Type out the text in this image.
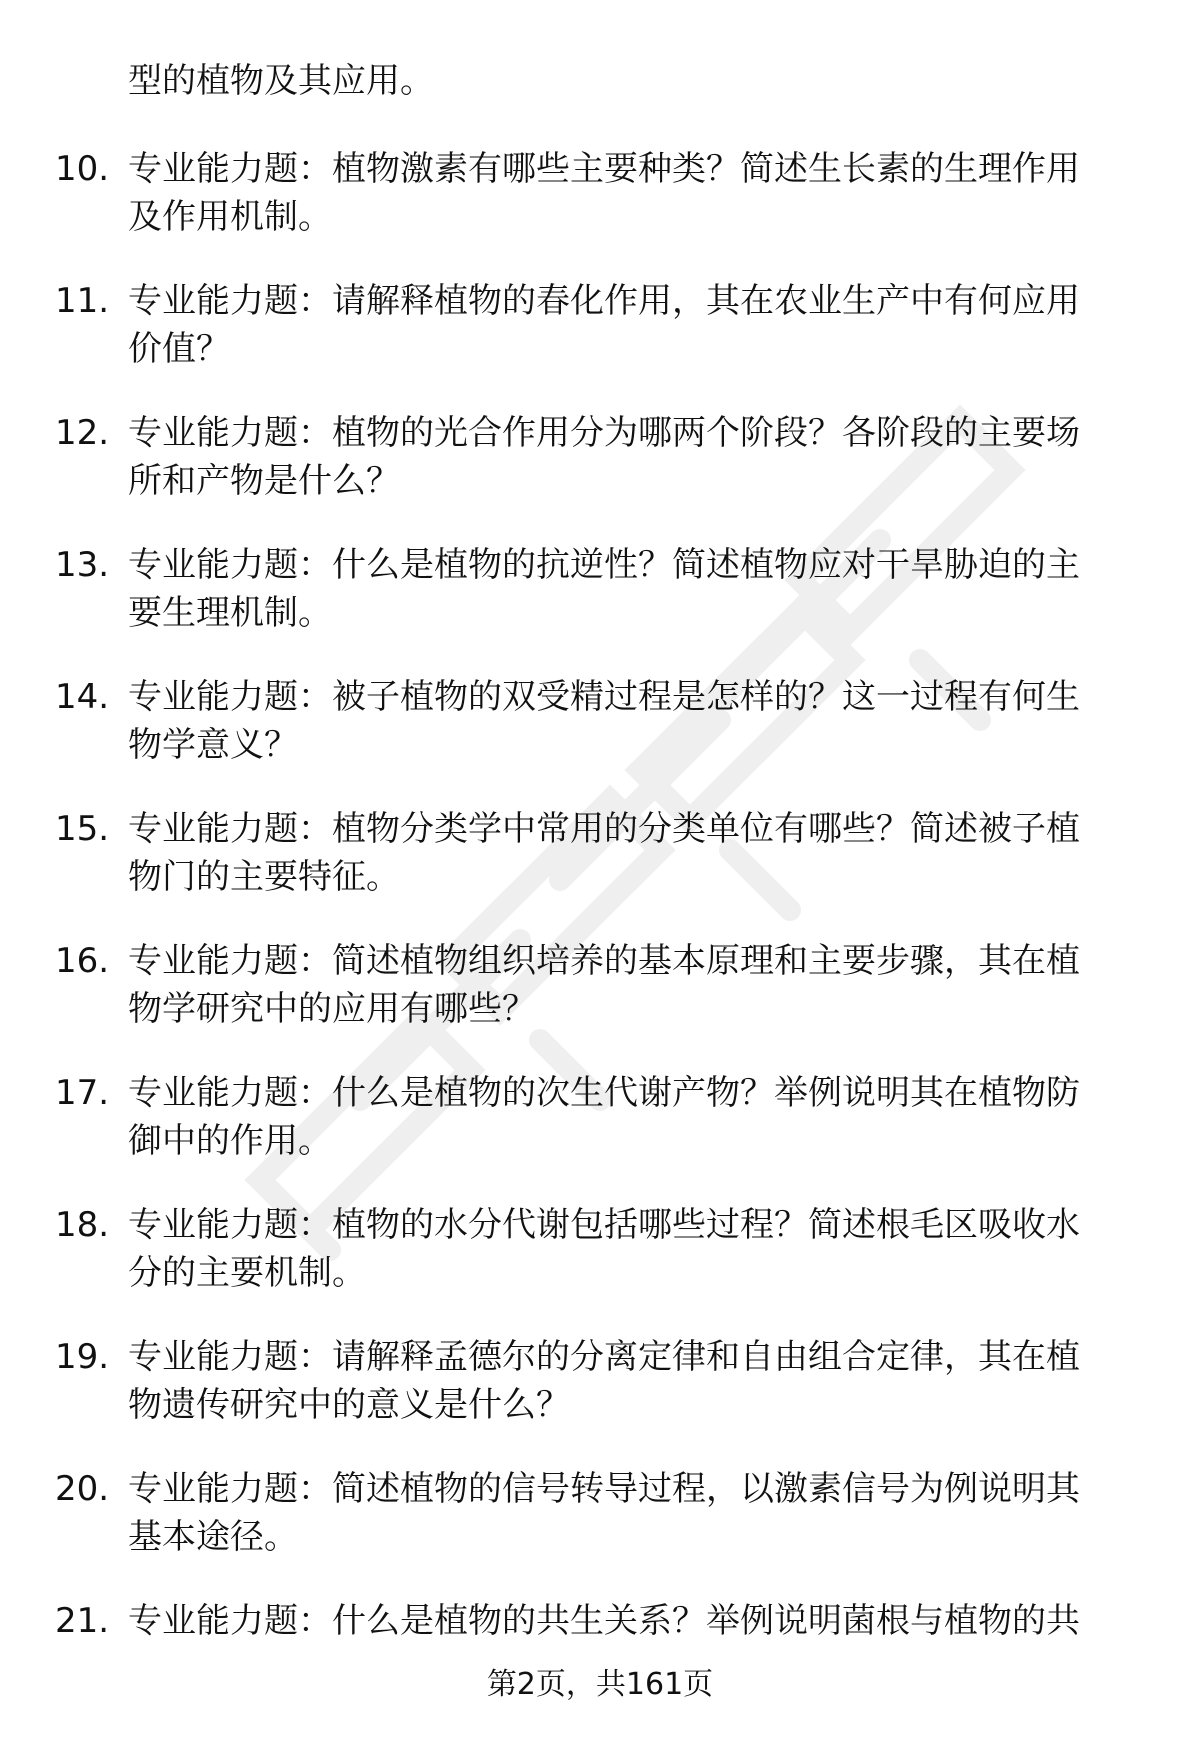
型的植物及其应用。
10. 专业能力题：植物激素有哪些主要种类？简述生长素的生理作用
及作用机制。
11. 专业能力题：请解释植物的春化作用，其在农业生产中有何应用
价值？
12. 专业能力题：植物的光合作用分为哪两个阶段？各阶段的主要场
所和产物是什么？
13. 专业能力题：什么是植物的抗逆性？简述植物应对干旱胁迫的主
要生理机制。
14. 专业能力题：被子植物的双受精过程是怎样的？这一过程有何生
物学意义？
15. 专业能力题：植物分类学中常用的分类单位有哪些？简述被子植
物门的主要特征。
16. 专业能力题：简述植物组织培养的基本原理和主要步骤，其在植
物学研究中的应用有哪些？
17. 专业能力题：什么是植物的次生代谢产物？举例说明其在植物防
御中的作用。
18. 专业能力题：植物的水分代谢包括哪些过程？简述根毛区吸收水
分的主要机制。
19. 专业能力题：请解释孟德尔的分离定律和自由组合定律，其在植
物遗传研究中的意义是什么？
20. 专业能力题：简述植物的信号转导过程，以激素信号为例说明其
基本途径。
21. 专业能力题：什么是植物的共生关系？举例说明菌根与植物的共
第2页，共161页
